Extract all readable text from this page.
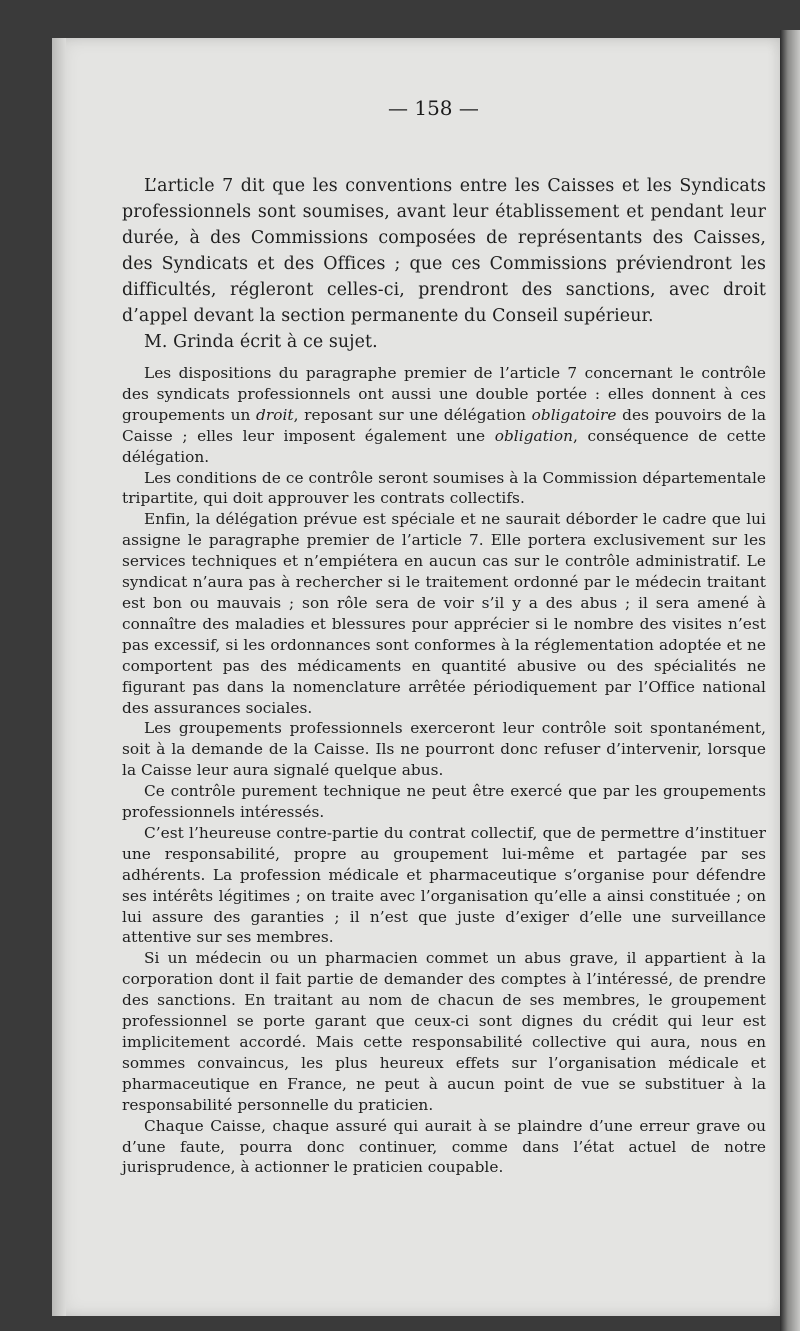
— 158 —

L’article 7 dit que les conventions entre les Caisses et les Syndicats professionnels sont soumises, avant leur établissement et pendant leur durée, à des Commissions composées de représentants des Caisses, des Syndicats et des Offices ; que ces Commissions préviendront les difficultés, régleront celles-ci, prendront des sanctions, avec droit d’appel devant la section permanente du Conseil supérieur.

M. Grinda écrit à ce sujet.

Les dispositions du paragraphe premier de l’article 7 concernant le contrôle des syndicats professionnels ont aussi une double portée : elles donnent à ces groupements un droit, reposant sur une délégation obligatoire des pouvoirs de la Caisse ; elles leur imposent également une obligation, conséquence de cette délégation.

Les conditions de ce contrôle seront soumises à la Commission départementale tripartite, qui doit approuver les contrats collectifs.

Enfin, la délégation prévue est spéciale et ne saurait déborder le cadre que lui assigne le paragraphe premier de l’article 7. Elle portera exclusivement sur les services techniques et n’empiétera en aucun cas sur le contrôle administratif. Le syndicat n’aura pas à rechercher si le traitement ordonné par le médecin traitant est bon ou mauvais ; son rôle sera de voir s’il y a des abus ; il sera amené à connaître des maladies et blessures pour apprécier si le nombre des visites n’est pas excessif, si les ordonnances sont conformes à la réglementation adoptée et ne comportent pas des médicaments en quantité abusive ou des spécialités ne figurant pas dans la nomenclature arrêtée périodiquement par l’Office national des assurances sociales.

Les groupements professionnels exerceront leur contrôle soit spontanément, soit à la demande de la Caisse. Ils ne pourront donc refuser d’intervenir, lorsque la Caisse leur aura signalé quelque abus.

Ce contrôle purement technique ne peut être exercé que par les groupements professionnels intéressés.

C’est l’heureuse contre-partie du contrat collectif, que de permettre d’instituer une responsabilité, propre au groupement lui-même et partagée par ses adhérents. La profession médicale et pharmaceutique s’organise pour défendre ses intérêts légitimes ; on traite avec l’organisation qu’elle a ainsi constituée ; on lui assure des garanties ; il n’est que juste d’exiger d’elle une surveillance attentive sur ses membres.

Si un médecin ou un pharmacien commet un abus grave, il appartient à la corporation dont il fait partie de demander des comptes à l’intéressé, de prendre des sanctions. En traitant au nom de chacun de ses membres, le groupement professionnel se porte garant que ceux-ci sont dignes du crédit qui leur est implicitement accordé. Mais cette responsabilité collective qui aura, nous en sommes convaincus, les plus heureux effets sur l’organisation médicale et pharmaceutique en France, ne peut à aucun point de vue se substituer à la responsabilité personnelle du praticien.

Chaque Caisse, chaque assuré qui aurait à se plaindre d’une erreur grave ou d’une faute, pourra donc continuer, comme dans l’état actuel de notre jurisprudence, à actionner le praticien coupable.
